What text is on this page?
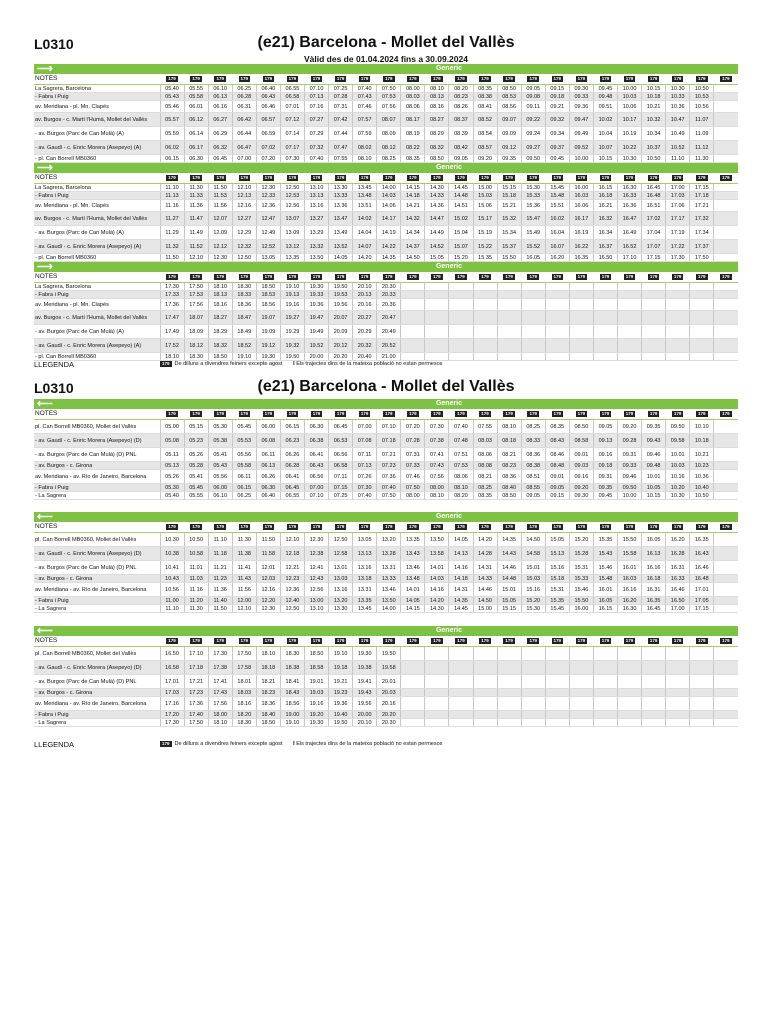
L0310	(e21) Barcelona - Mollet del Vallès
Vàlid des de 01.04.2024 fins a 30.09.2024
⟶	Generic																							
NOTES	179	179	179	179	179	179	179	179	179	179	179	179	179	179	179	179	179	179	179	179	179	179	179	179
La Sagrera, Barcelona	05.40	05.55	06.10	06.25	06.40	06.55	07.10	07.25	07.40	07.50	08.00	08.10	08.20	08.35	08.50	09.05	09.15	09.30	09.45	10.00	10.15	10.30	10.50	
- Fabra i Puig	05.43	05.58	06.13	06.28	06.43	06.58	07.13	07.28	07.43	07.53	08.03	08.13	08.23	08.38	08.53	09.08	09.18	09.33	09.48	10.03	10.18	10.33	10.53	
av. Meridiana - pl. Mn. Clapés	05.46	06.01	06.16	06.31	06.46	07.01	07.16	07.31	07.46	07.56	08.06	08.16	08.26	08.41	08.56	09.11	09.21	09.36	09.51	10.06	10.21	10.36	10.56	
av. Burgos - c. Martí l'Humà, Mollet del Vallès	05.57	06.12	06.27	06.42	06.57	07.12	07.27	07.42	07.57	08.07	08.17	08.27	08.37	08.52	09.07	09.22	09.32	09.47	10.02	10.17	10.32	10.47	11.07	
- av. Burgos (Parc de Can Mulà) (A)	05.59	06.14	06.29	06.44	06.59	07.14	07.29	07.44	07.59	08.09	08.19	08.29	08.39	08.54	09.09	09.24	09.34	09.49	10.04	10.19	10.34	10.49	11.09	
- av. Gaudí - c. Enric Morera (Asepeyo) (A)	06.02	06.17	06.32	06.47	07.02	07.17	07.32	07.47	08.02	08.12	08.22	08.32	08.42	08.57	09.12	09.27	09.37	09.52	10.07	10.22	10.37	10.52	11.12	
- pl. Can Borrell MB0360	06.15	06.30	06.45	07.00	07.20	07.30	07.40	07.55	08.10	08.25	08.35	08.50	09.05	09.20	09.35	09.50	09.45	10.00	10.15	10.30	10.50	11.10	11.30	
⟶	Generic																							
NOTES	179	179	179	179	179	179	179	179	179	179	179	179	179	179	179	179	179	179	179	179	179	179	179	179
La Sagrera, Barcelona	11.10	11.30	11.50	12.10	12.30	12.50	13.10	13.30	13.45	14.00	14.15	14.30	14.45	15.00	15.15	15.30	15.45	16.00	16.15	16.30	16.45	17.00	17.15	
- Fabra i Puig	11.13	11.33	11.53	12.13	12.33	12.53	13.13	13.33	13.48	14.03	14.18	14.33	14.48	15.03	15.18	15.33	15.48	16.03	16.18	16.33	16.48	17.03	17.18	
av. Meridiana - pl. Mn. Clapés	11.16	11.36	11.56	12.16	12.36	12.56	13.16	13.36	13.51	14.06	14.21	14.36	14.51	15.06	15.21	15.36	15.51	16.06	16.21	16.36	16.51	17.06	17.21	
av. Burgos - c. Martí l'Humà, Mollet del Vallès	11.27	11.47	12.07	12.27	12.47	13.07	13.27	13.47	14.02	14.17	14.32	14.47	15.02	15.17	15.32	15.47	16.02	16.17	16.32	16.47	17.02	17.17	17.32	
- av. Burgos (Parc de Can Mulà) (A)	11.29	11.49	12.09	12.29	12.49	13.09	13.29	13.49	14.04	14.19	14.34	14.49	15.04	15.19	15.34	15.49	16.04	16.19	16.34	16.49	17.04	17.19	17.34	
- av. Gaudí - c. Enric Morera (Asepeyo) (A)	11.32	11.52	12.12	12.32	12.52	13.12	13.32	13.52	14.07	14.22	14.37	14.52	15.07	15.22	15.37	15.52	16.07	16.22	16.37	16.52	17.07	17.22	17.37	
- pl. Can Borrell MB0360	11.50	12.10	12.30	12.50	13.05	13.35	13.50	14.05	14.20	14.35	14.50	15.05	15.20	15.35	15.50	16.05	16.20	16.35	16.50	17.10	17.15	17.30	17.50	
⟶	Generic																							
NOTES	179	179	179	179	179	179	179	179	179	179	179	179	179	179	179	179	179	179	179	179	179	179	179	179
La Sagrera, Barcelona	17.30	17.50	18.10	18.30	18.50	19.10	19.30	19.50	20.10	20.30														
- Fabra i Puig	17.33	17.53	18.13	18.33	18.53	19.13	19.33	19.53	20.13	20.33														
av. Meridiana - pl. Mn. Clapés	17.36	17.56	18.16	18.36	18.56	19.16	19.36	19.56	20.16	20.36														
av. Burgos - c. Martí l'Humà, Mollet del Vallès	17.47	18.07	18.27	18.47	19.07	19.27	19.47	20.07	20.27	20.47														
- av. Burgos (Parc de Can Mulà) (A)	17.49	18.09	18.29	18.49	19.09	19.29	19.49	20.09	20.29	20.49														
- av. Gaudí - c. Enric Morera (Asepeyo) (A)	17.52	18.12	18.32	18.52	19.12	19.32	19.52	20.12	20.32	20.52														
- pl. Can Borrell MB0360	18.10	18.30	18.50	19.10	19.30	19.50	20.00	20.20	20.40	21.00														
LLEGENDA	179 De dilluns a divendres feiners excepte agost ‖ Els trajectes dins de la mateixa població no estan permesos
L0310	(e21) Barcelona - Mollet del Vallès
⟵	Generic																							
NOTES	179	179	179	179	179	179	179	179	179	179	179	179	179	179	179	179	179	179	179	179	179	179	179	179
pl. Can Borrell MB0360, Mollet del Vallès	05.00	05.15	05.30	05.45	06.00	06.15	06.30	06.45	07.00	07.10	07.20	07.30	07.40	07.55	08.10	08.25	08.35	08.50	09.05	09.20	09.35	09.50	10.10	
- av. Gaudí - c. Enric Morera (Asepeyo) (D)	05.08	05.23	05.38	05.53	06.08	06.23	06.38	06.53	07.08	07.18	07.28	07.38	07.48	08.03	08.18	08.33	08.43	08.58	09.13	09.28	09.43	09.58	10.18	
- av. Burgos (Parc de Can Mulà) (D) PNL	05.11	05.26	05.41	05.56	06.11	06.26	06.41	06.56	07.11	07.21	07.31	07.41	07.51	08.06	08.21	08.36	08.46	09.01	09.16	09.31	09.46	10.01	10.21	
- av. Burgos - c. Girona	05.13	05.28	05.43	05.58	06.13	06.28	06.43	06.58	07.13	07.23	07.33	07.43	07.53	08.08	08.23	08.38	08.48	09.03	09.18	09.33	09.48	10.03	10.23	
av. Meridiana - av. Río de Janeiro, Barcelona	05.26	05.41	05.56	06.11	06.26	06.41	06.56	07.11	07.26	07.36	07.46	07.56	08.06	08.21	08.36	08.51	09.01	09.16	09.31	09.46	10.01	10.16	10.36	
- Fabra i Puig	05.30	05.45	06.00	06.15	06.30	06.45	07.00	07.15	07.30	07.40	07.50	08.00	08.10	08.25	08.40	08.55	09.05	09.20	09.35	09.50	10.05	10.20	10.40	
- La Sagrera	05.40	05.55	06.10	06.25	06.40	06.55	07.10	07.25	07.40	07.50	08.00	08.10	08.20	08.35	08.50	09.05	09.15	09.30	09.45	10.00	10.15	10.30	10.50	
⟵	Generic																							
NOTES	179	179	179	179	179	179	179	179	179	179	179	179	179	179	179	179	179	179	179	179	179	179	179	179
pl. Can Borrell MB0360, Mollet del Vallès	10.30	10.50	11.10	11.30	11.50	12.10	12.30	12.50	13.05	13.20	13.35	13.50	14.05	14.20	14.35	14.50	15.05	15.20	15.35	15.50	16.05	16.20	16.35	
- av. Gaudí - c. Enric Morera (Asepeyo) (D)	10.38	10.58	11.18	11.38	11.58	12.18	12.38	12.58	13.13	13.28	13.43	13.58	14.13	14.28	14.43	14.58	15.13	15.28	15.43	15.58	16.13	16.28	16.43	
- av. Burgos (Parc de Can Mulà) (D) PNL	10.41	11.01	11.21	11.41	12.01	12.21	12.41	13.01	13.16	13.31	13.46	14.01	14.16	14.31	14.46	15.01	15.16	15.31	15.46	16.01	16.16	16.31	16.46	
- av. Burgos - c. Girona	10.43	11.03	11.23	11.43	12.03	12.23	12.43	13.03	13.18	13.33	13.48	14.03	14.18	14.33	14.48	15.03	15.18	15.33	15.48	16.03	16.18	16.33	16.48	
av. Meridiana - av. Río de Janeiro, Barcelona	10.56	11.16	11.36	11.56	12.16	12.36	12.56	13.16	13.31	13.46	14.01	14.16	14.31	14.46	15.01	15.16	15.31	15.46	16.01	16.16	16.31	16.46	17.01	
- Fabra i Puig	11.00	11.20	11.40	12.00	12.20	12.40	13.00	13.20	13.35	13.50	14.05	14.20	14.35	14.50	15.05	15.20	15.35	15.50	16.05	16.20	16.35	16.50	17.05	
- La Sagrera	11.10	11.30	11.50	12.10	12.30	12.50	13.10	13.30	13.45	14.00	14.15	14.30	14.45	15.00	15.15	15.30	15.45	16.00	16.15	16.30	16.45	17.00	17.15	
⟵	Generic																							
NOTES	179	179	179	179	179	179	179	179	179	179	179	179	179	179	179	179	179	179	179	179	179	179	179	179
pl. Can Borrell MB0360, Mollet del Vallès	16.50	17.10	17.30	17.50	18.10	18.30	18.50	19.10	19.30	19.50														
- av. Gaudí - c. Enric Morera (Asepeyo) (D)	16.58	17.18	17.38	17.58	18.18	18.38	18.58	19.18	19.38	19.58														
- av. Burgos (Parc de Can Mulà) (D) PNL	17.01	17.21	17.41	18.01	18.21	18.41	19.01	19.21	19.41	20.01														
- av. Burgos - c. Girona	17.03	17.23	17.43	18.03	18.23	18.43	19.03	19.23	19.43	20.03														
av. Meridiana - av. Río de Janeiro, Barcelona	17.16	17.36	17.56	18.16	18.36	18.56	19.16	19.36	19.56	20.16														
- Fabra i Puig	17.20	17.40	18.00	18.20	18.40	19.00	19.20	19.40	20.00	20.20														
- La Sagrera	17.30	17.50	18.10	18.30	18.50	19.10	19.30	19.50	20.10	20.30														
LLEGENDA	179 De dilluns a divendres feiners excepte agost ‖ Els trajectes dins de la mateixa població no estan permesos
